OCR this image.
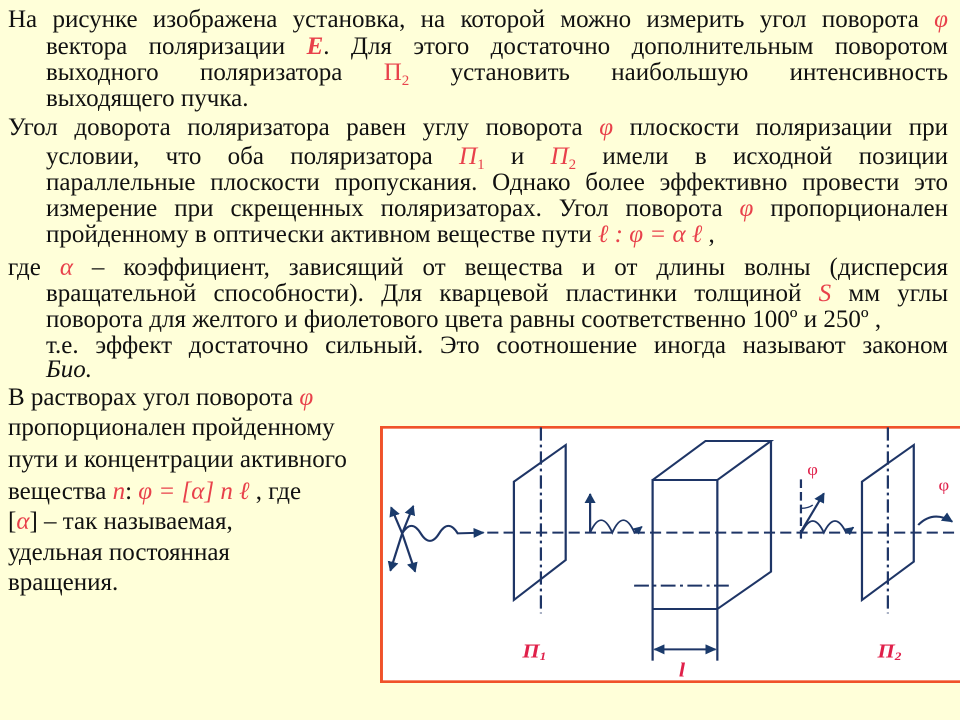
На рисунке изображена установка, на которой можно измерить угол поворота φ
вектора поляризации E. Для этого достаточно дополнительным поворотом
выходного поляризатора $П_2$ установить наибольшую интенсивность
выходящего пучка.
Угол доворота поляризатора равен углу поворота φ плоскости поляризации при
условии, что оба поляризатора $П_1$ и $П_2$ имели в исходной позиции
параллельные плоскости пропускания. Однако более эффективно провести это
измерение при скрещенных поляризаторах. Угол поворота φ пропорционален
пройденному в оптически активном веществе пути ℓ : φ = α ℓ ,
где α – коэффициент, зависящий от вещества и от длины волны (дисперсия
вращательной способности). Для кварцевой пластинки толщиной S мм углы
поворота для желтого и фиолетового цвета равны соответственно 100º и 250º ,
т.е. эффект достаточно сильный. Это соотношение иногда называют законом
Био.
В растворах угол поворота φ
пропорционален пройденному
пути и концентрации активного
вещества n: φ = [α] n ℓ , где
[α] – так называемая,
удельная постоянная
вращения.
П1	П2
l
φ
φ
